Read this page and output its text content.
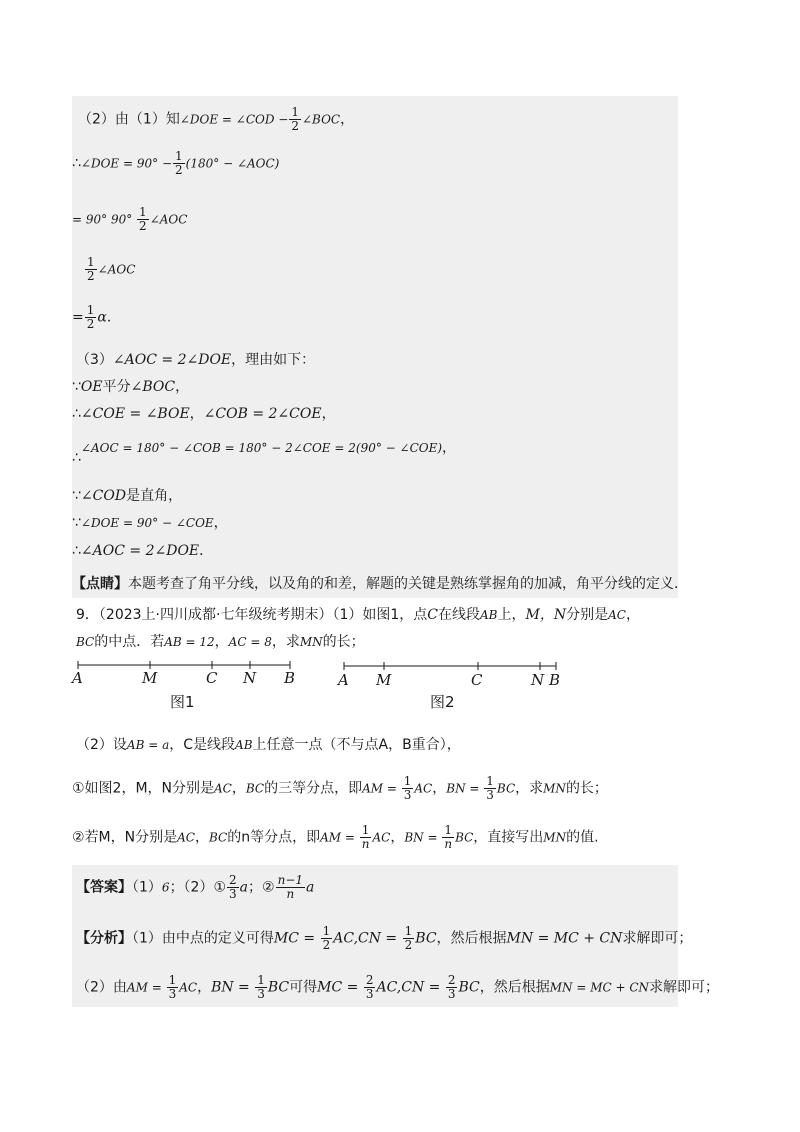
（2）由（1）知∠DOE = ∠COD − $\frac{1}{2}$ ∠BOC，
∴∠DOE = $90^\circ - \frac{1}{2} (180^\circ$ − ∠AOC)
= 90° $90^\circ \frac{1}{2}$ ∠AOC
$\frac{1}{2}$ ∠AOC
= $\frac{1}{2}$ α．
（3）∠AOC = 2∠DOE，理由如下：
∵OE平分∠BOC，
∴∠COE = ∠BOE，∠COB = 2∠COE，
∴∠AOC = 180° − ∠COB = 180° − 2∠COE = 2(90° − ∠COE)，
∵∠COD是直角，
∵∠DOE = 90° − ∠COE，
∴∠AOC = 2∠DOE．
【点睛】本题考查了角平分线，以及角的和差，解题的关键是熟练掌握角的加减，角平分线的定义．
9．（2023上·四川成都·七年级统考期末）（1）如图1，点C在线段AB上，M，N分别是AC，
BC的中点．若AB = 12，AC = 8，求MN的长；
A	M	C N B
图1
A M	C	N B
图2
（2）设AB = a，C是线段AB上任意一点（不与点A，B重合），
①如图2，M，N分别是AC，BC的三等分点，即AM = $\frac{1}{3}$ AC，BN = $\frac{1}{3}$ BC，求MN的长；
②若M，N分别是AC，BC的n等分点，即AM = $\frac{1}{n}$ AC，BN = $\frac{1}{n}$ BC，直接写出MN的值.
【答案】（1）6；（2）① $\frac{2}{3}$ a；② $\frac{n-1}{n}$ a
【分析】（1）由中点的定义可得MC = $\frac{1}{2} AC,CN = \frac{1}{2}$ BC，然后根据MN = MC + CN求解即可；
（2）由AM = $\frac{1}{3}$ AC，BN = $\frac{1}{3}$ BC可得MC = $\frac{2}{3} AC,CN = \frac{2}{3}$ BC，然后根据MN = MC + CN求解即可；
